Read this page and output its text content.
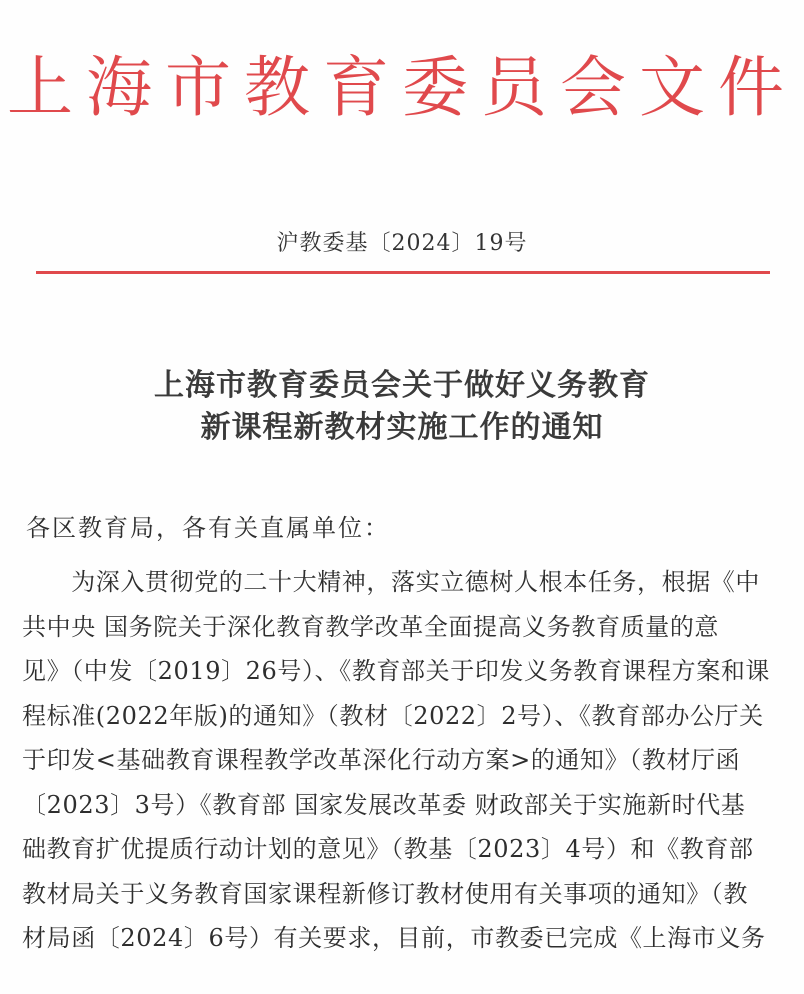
上海市教育委员会文件
沪教委基〔2024〕19号
上海市教育委员会关于做好义务教育
新课程新教材实施工作的通知
各区教育局，各有关直属单位：
　　为深入贯彻党的二十大精神，落实立德树人根本任务，根据《中
共中央 国务院关于深化教育教学改革全面提高义务教育质量的意
见》（中发〔2019〕26号）、《教育部关于印发义务教育课程方案和课
程标准(2022年版)的通知》（教材〔2022〕2号）、《教育部办公厅关
于印发<基础教育课程教学改革深化行动方案>的通知》（教材厅函
〔2023〕3号）《教育部 国家发展改革委 财政部关于实施新时代基
础教育扩优提质行动计划的意见》（教基〔2023〕4号）和《教育部
教材局关于义务教育国家课程新修订教材使用有关事项的通知》（教
材局函〔2024〕6号）有关要求，目前，市教委已完成《上海市义务
